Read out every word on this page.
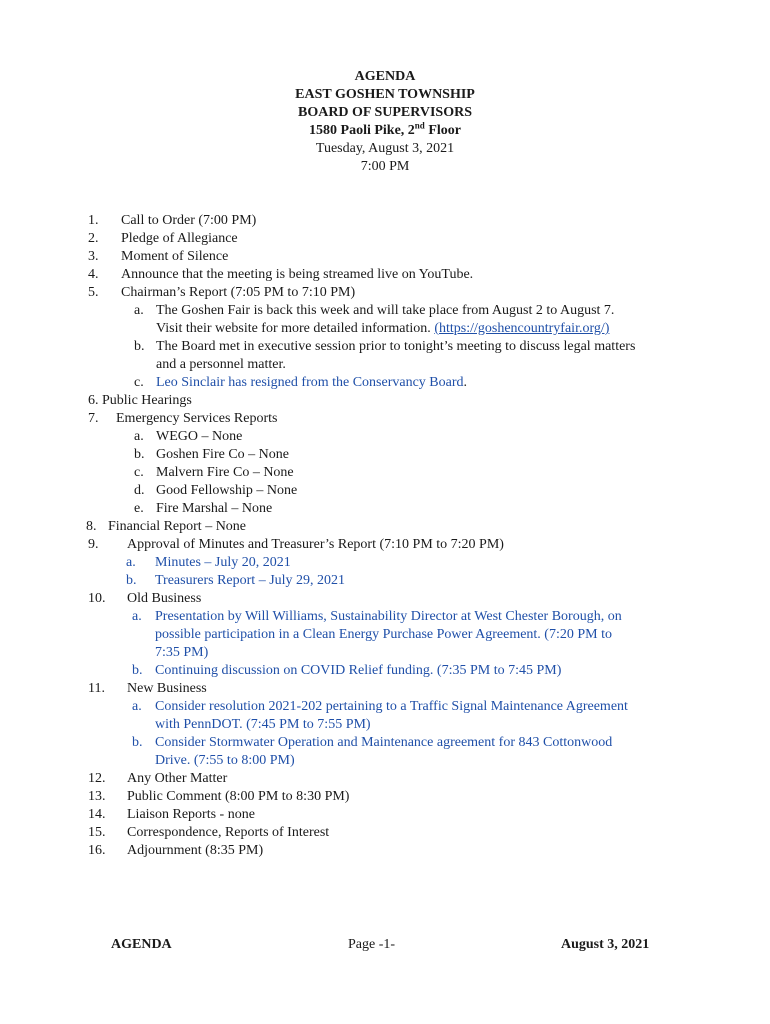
AGENDA
EAST GOSHEN TOWNSHIP
BOARD OF SUPERVISORS
1580 Paoli Pike, 2nd Floor
Tuesday, August 3, 2021
7:00 PM
1. Call to Order (7:00 PM)
2. Pledge of Allegiance
3. Moment of Silence
4. Announce that the meeting is being streamed live on YouTube.
5. Chairman’s Report (7:05 PM to 7:10 PM)
a. The Goshen Fair is back this week and will take place from August 2 to August 7.
Visit their website for more detailed information. (https://goshencountryfair.org/)
b. The Board met in executive session prior to tonight’s meeting to discuss legal matters
and a personnel matter.
c. Leo Sinclair has resigned from the Conservancy Board.
6. Public Hearings
7. Emergency Services Reports
a. WEGO – None
b. Goshen Fire Co – None
c. Malvern Fire Co – None
d. Good Fellowship – None
e. Fire Marshal – None
8. Financial Report – None
9. Approval of Minutes and Treasurer’s Report (7:10 PM to 7:20 PM)
a. Minutes – July 20, 2021
b. Treasurers Report – July 29, 2021
10. Old Business
a. Presentation by Will Williams, Sustainability Director at West Chester Borough, on
possible participation in a Clean Energy Purchase Power Agreement. (7:20 PM to
7:35 PM)
b. Continuing discussion on COVID Relief funding. (7:35 PM to 7:45 PM)
11. New Business
a. Consider resolution 2021-202 pertaining to a Traffic Signal Maintenance Agreement
with PennDOT. (7:45 PM to 7:55 PM)
b. Consider Stormwater Operation and Maintenance agreement for 843 Cottonwood
Drive. (7:55 to 8:00 PM)
12. Any Other Matter
13. Public Comment (8:00 PM to 8:30 PM)
14. Liaison Reports - none
15. Correspondence, Reports of Interest
16. Adjournment (8:35 PM)
AGENDA	Page -1-	August 3, 2021
